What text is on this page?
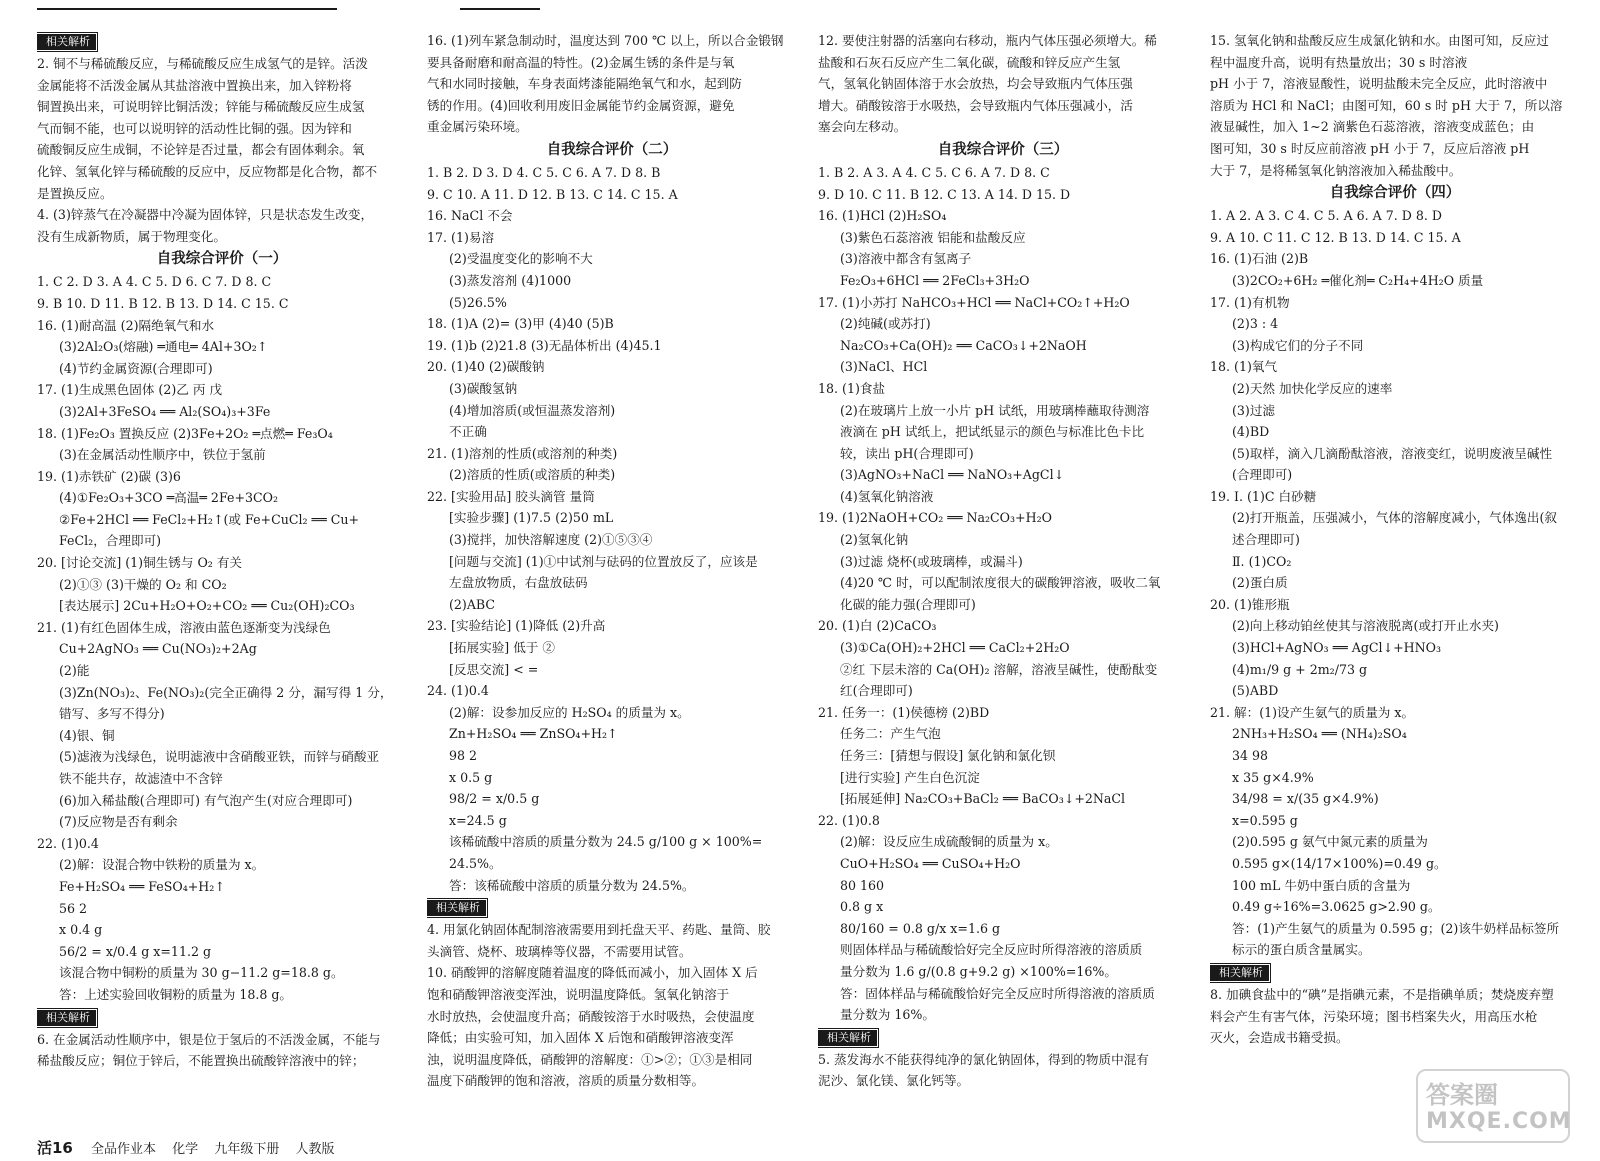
相关解析
2. 铜不与稀硫酸反应，与稀硫酸反应生成氢气的是锌。活泼
金属能将不活泼金属从其盐溶液中置换出来，加入锌粉将
铜置换出来，可说明锌比铜活泼；锌能与稀硫酸反应生成氢
气而铜不能，也可以说明锌的活动性比铜的强。因为锌和
硫酸铜反应生成铜，不论锌是否过量，都会有固体剩余。氧
化锌、氢氧化锌与稀硫酸的反应中，反应物都是化合物，都不
是置换反应。
4. (3)锌蒸气在冷凝器中冷凝为固体锌，只是状态发生改变，
没有生成新物质，属于物理变化。
自我综合评价（一）
1. C 2. D 3. A 4. C 5. D 6. C 7. D 8. C
9. B 10. D 11. B 12. B 13. D 14. C 15. C
16. (1)耐高温 (2)隔绝氧气和水
(3)2Al₂O₃(熔融) ═通电═ 4Al+3O₂↑
(4)节约金属资源(合理即可)
17. (1)生成黑色固体 (2)乙 丙 戊
(3)2Al+3FeSO₄ ══ Al₂(SO₄)₃+3Fe
18. (1)Fe₂O₃ 置换反应 (2)3Fe+2O₂ ═点燃═ Fe₃O₄
(3)在金属活动性顺序中，铁位于氢前
19. (1)赤铁矿 (2)碳 (3)6
(4)①Fe₂O₃+3CO ═高温═ 2Fe+3CO₂
②Fe+2HCl ══ FeCl₂+H₂↑(或 Fe+CuCl₂ ══ Cu+
FeCl₂，合理即可)
20. [讨论交流] (1)铜生锈与 O₂ 有关
(2)①③ (3)干燥的 O₂ 和 CO₂
[表达展示] 2Cu+H₂O+O₂+CO₂ ══ Cu₂(OH)₂CO₃
21. (1)有红色固体生成，溶液由蓝色逐渐变为浅绿色
Cu+2AgNO₃ ══ Cu(NO₃)₂+2Ag
(2)能
(3)Zn(NO₃)₂、Fe(NO₃)₂(完全正确得 2 分，漏写得 1 分，
错写、多写不得分)
(4)银、铜
(5)滤液为浅绿色，说明滤液中含硝酸亚铁，而锌与硝酸亚
铁不能共存，故滤渣中不含锌
(6)加入稀盐酸(合理即可) 有气泡产生(对应合理即可)
(7)反应物是否有剩余
22. (1)0.4
(2)解：设混合物中铁粉的质量为 x。
Fe+H₂SO₄ ══ FeSO₄+H₂↑
56 2
x 0.4 g
56/2 = x/0.4 g x=11.2 g
该混合物中铜粉的质量为 30 g−11.2 g=18.8 g。
答：上述实验回收铜粉的质量为 18.8 g。
相关解析
6. 在金属活动性顺序中，银是位于氢后的不活泼金属，不能与
稀盐酸反应；铜位于锌后，不能置换出硫酸锌溶液中的锌；
16. (1)列车紧急制动时，温度达到 700 ℃ 以上，所以合金锻钢
要具备耐磨和耐高温的特性。(2)金属生锈的条件是与氧
气和水同时接触，车身表面烤漆能隔绝氧气和水，起到防
锈的作用。(4)回收利用废旧金属能节约金属资源，避免
重金属污染环境。
自我综合评价（二）
1. B 2. D 3. D 4. C 5. C 6. A 7. D 8. B
9. C 10. A 11. D 12. B 13. C 14. C 15. A
16. NaCl 不会
17. (1)易溶
(2)受温度变化的影响不大
(3)蒸发溶剂 (4)1000
(5)26.5%
18. (1)A (2)= (3)甲 (4)40 (5)B
19. (1)b (2)21.8 (3)无晶体析出 (4)45.1
20. (1)40 (2)碳酸钠
(3)碳酸氢钠
(4)增加溶质(或恒温蒸发溶剂)
不正确
21. (1)溶剂的性质(或溶剂的种类)
(2)溶质的性质(或溶质的种类)
22. [实验用品] 胶头滴管 量筒
[实验步骤] (1)7.5 (2)50 mL
(3)搅拌，加快溶解速度 (2)①⑤③④
[问题与交流] (1)①中试剂与砝码的位置放反了，应该是
左盘放物质，右盘放砝码
(2)ABC
23. [实验结论] (1)降低 (2)升高
[拓展实验] 低于 ②
[反思交流] < =
24. (1)0.4
(2)解：设参加反应的 H₂SO₄ 的质量为 x。
Zn+H₂SO₄ ══ ZnSO₄+H₂↑
98 2
x 0.5 g
98/2 = x/0.5 g
x=24.5 g
该稀硫酸中溶质的质量分数为 24.5 g/100 g × 100%=
24.5%。
答：该稀硫酸中溶质的质量分数为 24.5%。
相关解析
4. 用氯化钠固体配制溶液需要用到托盘天平、药匙、量筒、胶
头滴管、烧杯、玻璃棒等仪器，不需要用试管。
10. 硝酸钾的溶解度随着温度的降低而减小，加入固体 X 后
饱和硝酸钾溶液变浑浊，说明温度降低。氢氧化钠溶于
水时放热，会使温度升高；硝酸铵溶于水时吸热，会使温度
降低；由实验可知，加入固体 X 后饱和硝酸钾溶液变浑
浊，说明温度降低，硝酸钾的溶解度：①>②；①③是相同
温度下硝酸钾的饱和溶液，溶质的质量分数相等。
12. 要使注射器的活塞向右移动，瓶内气体压强必须增大。稀
盐酸和石灰石反应产生二氧化碳，硫酸和锌反应产生氢
气，氢氧化钠固体溶于水会放热，均会导致瓶内气体压强
增大。硝酸铵溶于水吸热，会导致瓶内气体压强减小，活
塞会向左移动。
自我综合评价（三）
1. B 2. A 3. A 4. C 5. C 6. A 7. D 8. C
9. D 10. C 11. B 12. C 13. A 14. D 15. D
16. (1)HCl (2)H₂SO₄
(3)紫色石蕊溶液 铝能和盐酸反应
(3)溶液中都含有氢离子
Fe₂O₃+6HCl ══ 2FeCl₃+3H₂O
17. (1)小苏打 NaHCO₃+HCl ══ NaCl+CO₂↑+H₂O
(2)纯碱(或苏打)
Na₂CO₃+Ca(OH)₂ ══ CaCO₃↓+2NaOH
(3)NaCl、HCl
18. (1)食盐
(2)在玻璃片上放一小片 pH 试纸，用玻璃棒蘸取待测溶
液滴在 pH 试纸上，把试纸显示的颜色与标准比色卡比
较，读出 pH(合理即可)
(3)AgNO₃+NaCl ══ NaNO₃+AgCl↓
(4)氢氧化钠溶液
19. (1)2NaOH+CO₂ ══ Na₂CO₃+H₂O
(2)氢氧化钠
(3)过滤 烧杯(或玻璃棒，或漏斗)
(4)20 ℃ 时，可以配制浓度很大的碳酸钾溶液，吸收二氧
化碳的能力强(合理即可)
20. (1)白 (2)CaCO₃
(3)①Ca(OH)₂+2HCl ══ CaCl₂+2H₂O
②红 下层未溶的 Ca(OH)₂ 溶解，溶液呈碱性，使酚酞变
红(合理即可)
21. 任务一：(1)侯德榜 (2)BD
任务二：产生气泡
任务三：[猜想与假设] 氯化钠和氯化钡
[进行实验] 产生白色沉淀
[拓展延伸] Na₂CO₃+BaCl₂ ══ BaCO₃↓+2NaCl
22. (1)0.8
(2)解：设反应生成硫酸铜的质量为 x。
CuO+H₂SO₄ ══ CuSO₄+H₂O
80 160
0.8 g x
80/160 = 0.8 g/x x=1.6 g
则固体样品与稀硫酸恰好完全反应时所得溶液的溶质质
量分数为 1.6 g/(0.8 g+9.2 g) ×100%=16%。
答：固体样品与稀硫酸恰好完全反应时所得溶液的溶质质
量分数为 16%。
相关解析
5. 蒸发海水不能获得纯净的氯化钠固体，得到的物质中混有
泥沙、氯化镁、氯化钙等。
15. 氢氧化钠和盐酸反应生成氯化钠和水。由图可知，反应过
程中温度升高，说明有热量放出；30 s 时溶液
pH 小于 7，溶液显酸性，说明盐酸未完全反应，此时溶液中
溶质为 HCl 和 NaCl；由图可知，60 s 时 pH 大于 7，所以溶
液显碱性，加入 1~2 滴紫色石蕊溶液，溶液变成蓝色；由
图可知，30 s 时反应前溶液 pH 小于 7，反应后溶液 pH
大于 7，是将稀氢氧化钠溶液加入稀盐酸中。
自我综合评价（四）
1. A 2. A 3. C 4. C 5. A 6. A 7. D 8. D
9. A 10. C 11. C 12. B 13. D 14. C 15. A
16. (1)石油 (2)B
(3)2CO₂+6H₂ ═催化剂═ C₂H₄+4H₂O 质量
17. (1)有机物
(2)3 : 4
(3)构成它们的分子不同
18. (1)氧气
(2)天然 加快化学反应的速率
(3)过滤
(4)BD
(5)取样，滴入几滴酚酞溶液，溶液变红，说明废液呈碱性
(合理即可)
19. Ⅰ. (1)C 白砂糖
(2)打开瓶盖，压强减小，气体的溶解度减小，气体逸出(叙
述合理即可)
Ⅱ. (1)CO₂
(2)蛋白质
20. (1)锥形瓶
(2)向上移动铂丝使其与溶液脱离(或打开止水夹)
(3)HCl+AgNO₃ ══ AgCl↓+HNO₃
(4)m₁/9 g + 2m₂/73 g
(5)ABD
21. 解：(1)设产生氨气的质量为 x。
2NH₃+H₂SO₄ ══ (NH₄)₂SO₄
34 98
x 35 g×4.9%
34/98 = x/(35 g×4.9%)
x=0.595 g
(2)0.595 g 氨气中氮元素的质量为
0.595 g×(14/17×100%)=0.49 g。
100 mL 牛奶中蛋白质的含量为
0.49 g÷16%=3.0625 g>2.90 g。
答：(1)产生氨气的质量为 0.595 g；(2)该牛奶样品标签所
标示的蛋白质含量属实。
相关解析
8. 加碘食盐中的“碘”是指碘元素，不是指碘单质；焚烧废弃塑
料会产生有害气体，污染环境；图书档案失火，用高压水枪
灭火，会造成书籍受损。
活16 全品作业本 化学 九年级下册 人教版
答案圈
MXQE.COM
